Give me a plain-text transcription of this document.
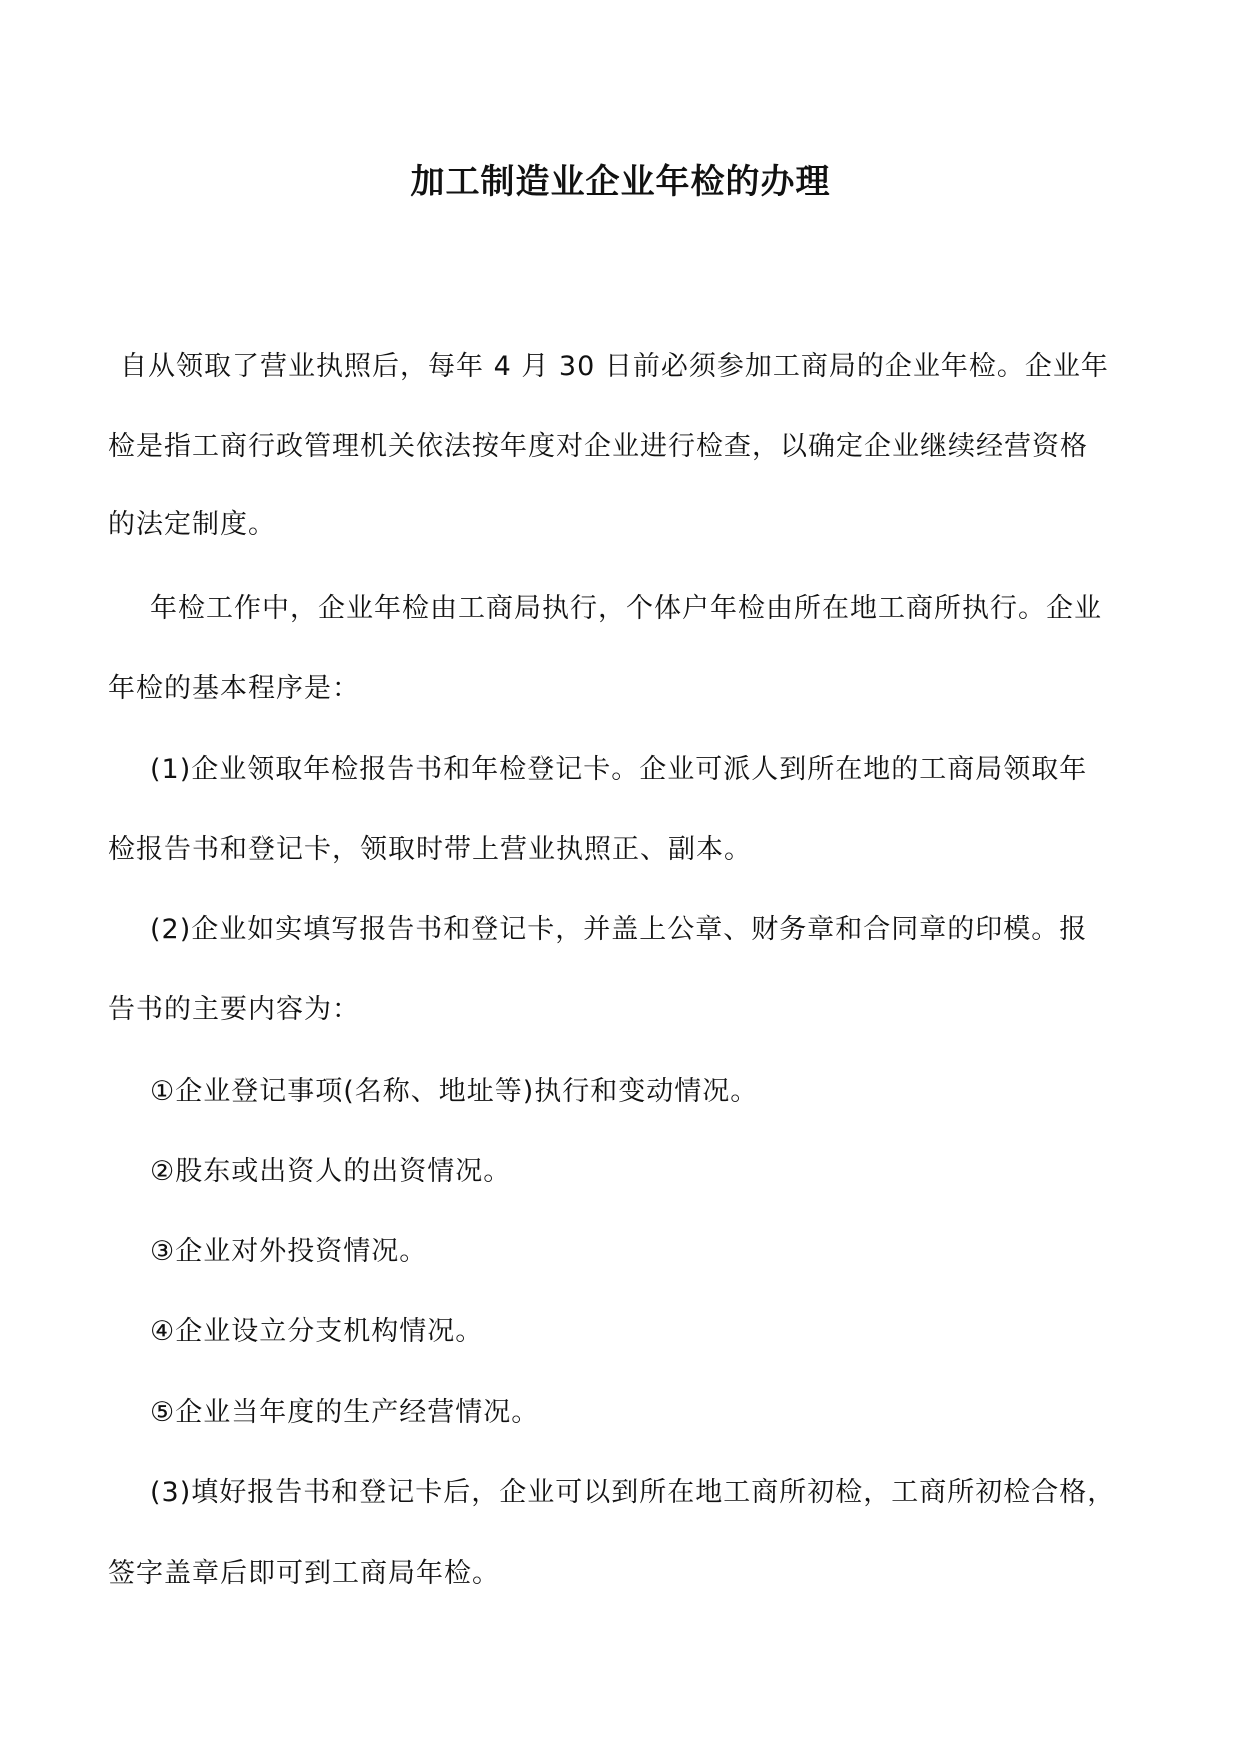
加工制造业企业年检的办理
自从领取了营业执照后，每年 4 月 30 日前必须参加工商局的企业年检。企业年
检是指工商行政管理机关依法按年度对企业进行检查，以确定企业继续经营资格
的法定制度。
年检工作中，企业年检由工商局执行，个体户年检由所在地工商所执行。企业
年检的基本程序是：
(1)企业领取年检报告书和年检登记卡。企业可派人到所在地的工商局领取年
检报告书和登记卡，领取时带上营业执照正、副本。
(2)企业如实填写报告书和登记卡，并盖上公章、财务章和合同章的印模。报
告书的主要内容为：
①企业登记事项(名称、地址等)执行和变动情况。
②股东或出资人的出资情况。
③企业对外投资情况。
④企业设立分支机构情况。
⑤企业当年度的生产经营情况。
(3)填好报告书和登记卡后，企业可以到所在地工商所初检，工商所初检合格，
签字盖章后即可到工商局年检。
